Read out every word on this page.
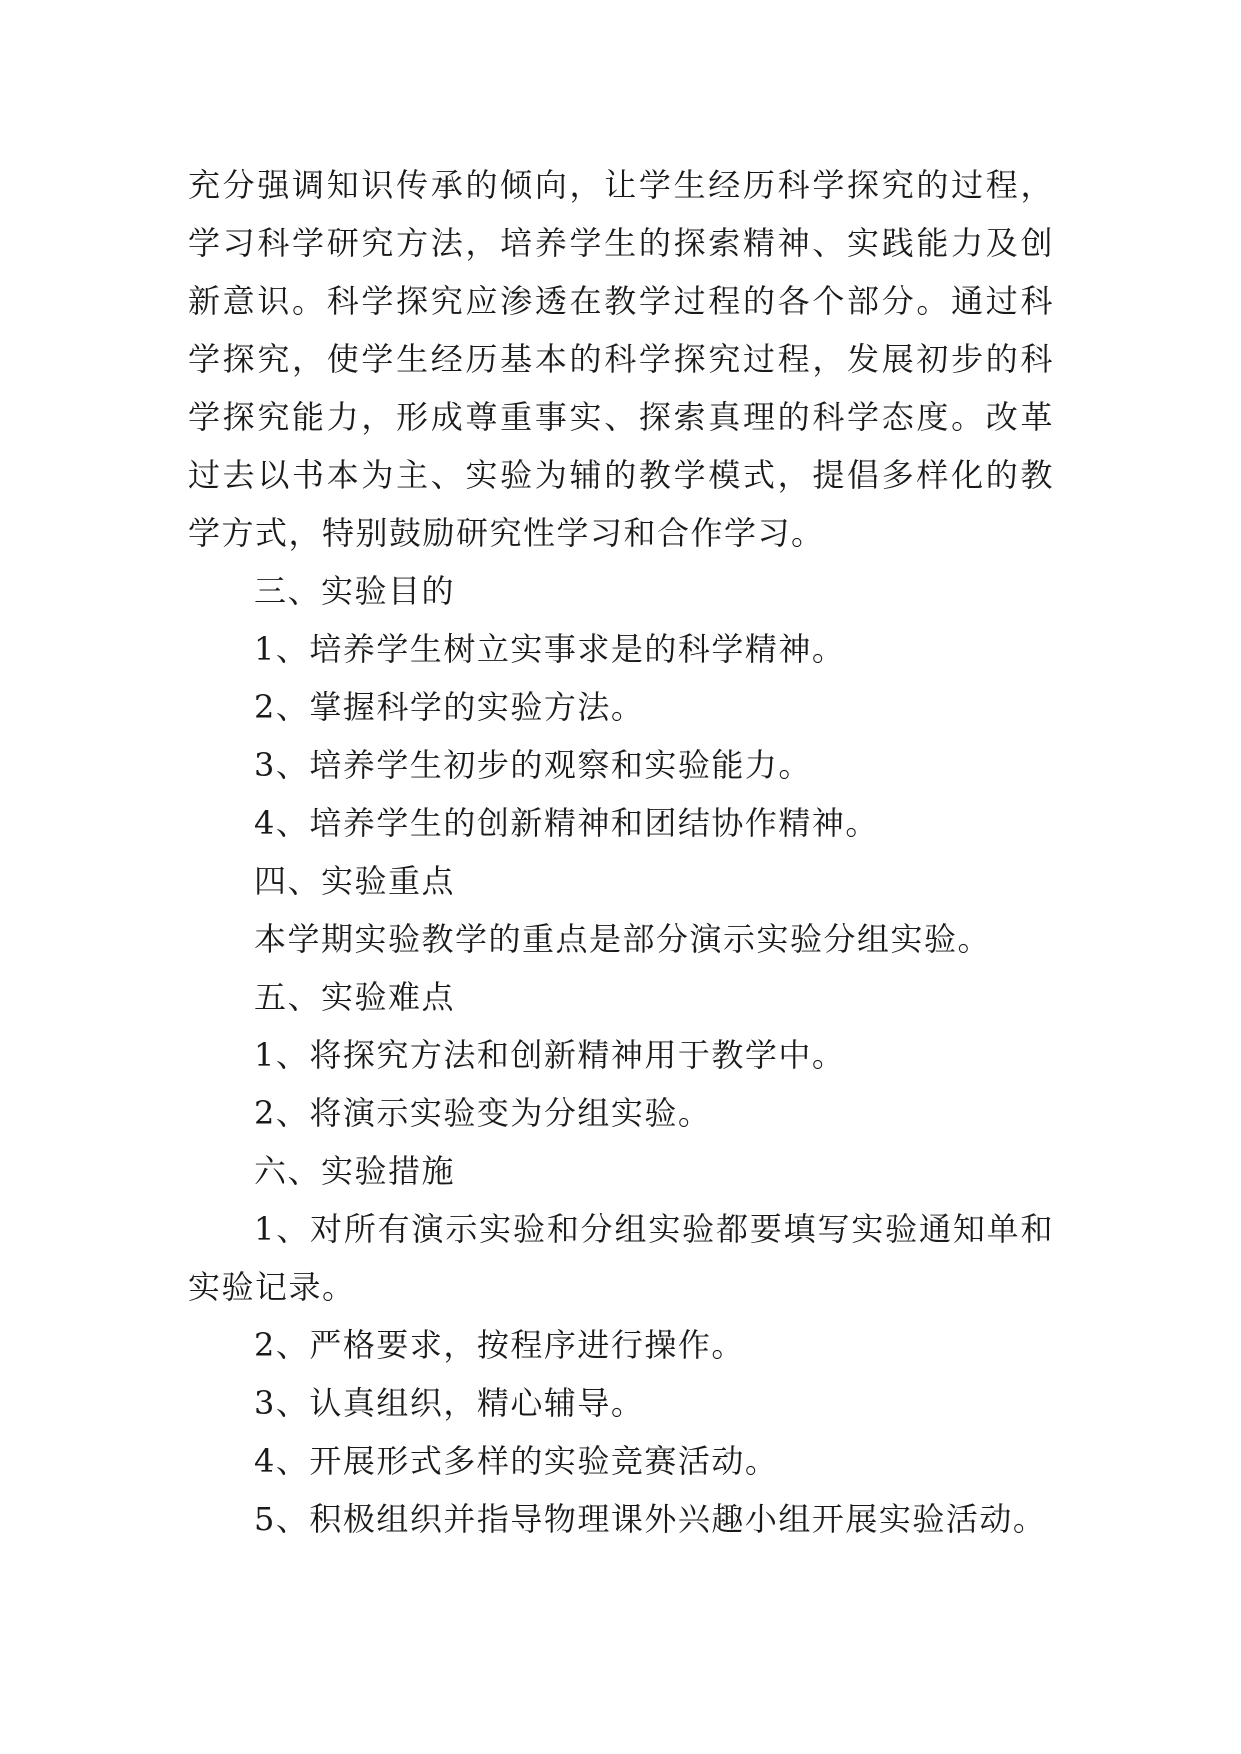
充分强调知识传承的倾向，让学生经历科学探究的过程，学习科学研究方法，培养学生的探索精神、实践能力及创新意识。科学探究应渗透在教学过程的各个部分。通过科学探究，使学生经历基本的科学探究过程，发展初步的科学探究能力，形成尊重事实、探索真理的科学态度。改革过去以书本为主、实验为辅的教学模式，提倡多样化的教学方式，特别鼓励研究性学习和合作学习。

三、实验目的

1、培养学生树立实事求是的科学精神。

2、掌握科学的实验方法。

3、培养学生初步的观察和实验能力。

4、培养学生的创新精神和团结协作精神。

四、实验重点

本学期实验教学的重点是部分演示实验分组实验。

五、实验难点

1、将探究方法和创新精神用于教学中。

2、将演示实验变为分组实验。

六、实验措施

1、对所有演示实验和分组实验都要填写实验通知单和实验记录。

2、严格要求，按程序进行操作。

3、认真组织，精心辅导。

4、开展形式多样的实验竞赛活动。

5、积极组织并指导物理课外兴趣小组开展实验活动。
